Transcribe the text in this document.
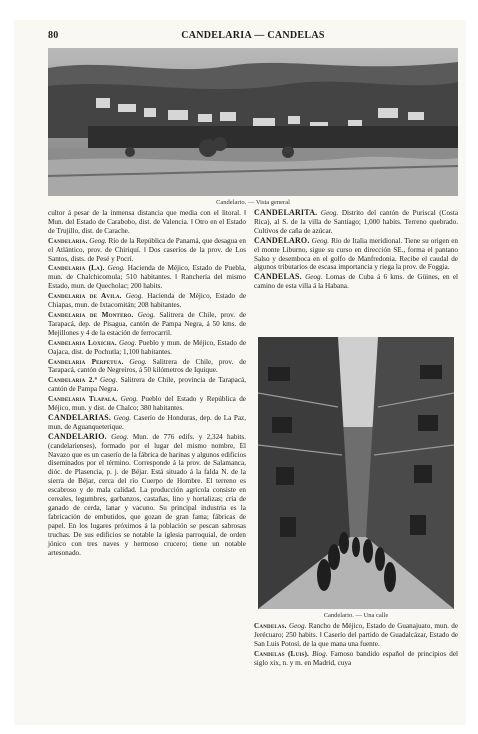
80	CANDELARIA — CANDELAS
Candelario. — Vista general

cultor á pesar de la inmensa distancia que media con el litoral. ‖ Mun. del Estado de Carabobo, dist. de Valencia. ‖ Otro en el Estado de Trujillo, dist. de Carache.

Candelaria. Geog. Río de la República de Panamá, que desagua en el Atlántico, prov. de Chiriquí. ‖ Dos caseríos de la prov. de Los Santos, dists. de Pesé y Pocrí.

Candelaria (La). Geog. Hacienda de Méjico, Estado de Puebla, mun. de Chalchicomula; 510 habitantes. ‖ Ranchería del mismo Estado, mun. de Quecholac; 200 habits.

Candelaria de Avila. Geog. Hacienda de Méjico, Estado de Chiapas, mun. de Ixtacomitán; 208 habitantes.

Candelaria de Montero. Geog. Salitrera de Chile, prov. de Tarapacá, dep. de Pisagua, cantón de Pampa Negra, á 50 kms. de Mejillones y 4 de la estación de ferrocarril.

Candelaria Loxicha. Geog. Pueblo y mun. de Méjico, Estado de Oajaca, dist. de Pochutla; 1,100 habitantes.

Candelaria Perpetua. Geog. Salitrera de Chile, prov. de Tarapacá, cantón de Negreiros, á 50 kilómetros de Iquique.

Candelaria 2.ª Geog. Salitrera de Chile, provincia de Tarapacá, cantón de Pampa Negra.

Candelaria Tlapala. Geog. Pueblo del Estado y República de Méjico, mun. y dist. de Chalco; 380 habitantes.

CANDELARIAS. Geog. Caserío de Honduras, dep. de La Paz, mun. de Aguanqueterique.

CANDELARIO. Geog. Mun. de 776 edifs. y 2,324 habits. (candelarienses), formado por el lugar del mismo nombre, El Navazo que es un caserío de la fábrica de harinas y algunos edificios diseminados por el término. Corresponde á la prov. de Salamanca, dióc. de Plasencia, p. j. de Béjar. Está situado á la falda N. de la sierra de Béjar, cerca del río Cuerpo de Hombre. El terreno es escabroso y de mala calidad. La producción agrícola consiste en cereales, legumbres, garbanzos, castañas, lino y hortalizas; cría de ganado de cerda, lanar y vacuno. Su principal industria es la fabricación de embutidos, que gozan de gran fama; fábricas de papel. En los lugares próximos á la población se pescan sabrosas truchas. De sus edificios se notable la iglesia parroquial, de orden jónico con tres naves y hermoso crucero; tiene un notable artesonado.

CANDELARITA. Geog. Distrito del cantón de Puriscal (Costa Rica), al S. de la villa de Santiago; 1,000 habits. Terreno quebrado. Cultivos de caña de azúcar.

CANDELARO. Geog. Río de Italia meridional. Tiene su origen en el monte Liburno, sigue su curso en dirección SE., forma el pantano Salso y desemboca en el golfo de Manfredonia. Recibe el caudal de algunos tributarios de escasa importancia y riega la prov. de Foggia.

CANDELAS. Geog. Lomas de Cuba á 6 kms. de Güines, en el camino de esta villa á la Habana.

Candelario. — Una calle

Candelas. Geog. Rancho de Méjico, Estado de Guanajuato, mun. de Jerécuaro; 250 habits. ‖ Caserío del partido de Guadalcázar, Estado de San Luis Potosí, de la que mana una fuente.

Candelas (Luis). Biog. Famoso bandido español de principios del siglo xix, n. y m. en Madrid, cuya
